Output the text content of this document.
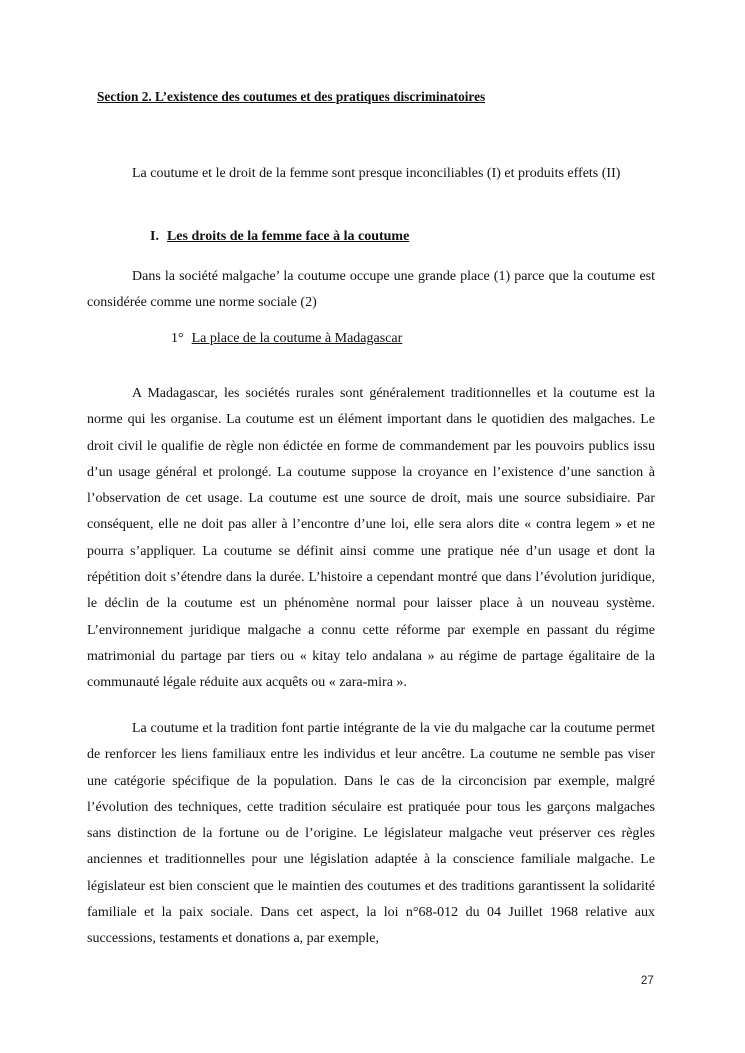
Section 2. L’existence des coutumes et des pratiques discriminatoires

La coutume et le droit de la femme sont presque inconciliables (I) et produits effets (II)

I. Les droits de la femme face à la coutume

Dans la société malgache’ la coutume occupe une grande place (1) parce que la coutume est considérée comme une norme sociale (2)

1° La place de la coutume à Madagascar

A Madagascar, les sociétés rurales sont généralement traditionnelles et la coutume est la norme qui les organise. La coutume est un élément important dans le quotidien des malgaches. Le droit civil le qualifie de règle non édictée en forme de commandement par les pouvoirs publics issu d’un usage général et prolongé. La coutume suppose la croyance en l’existence d’une sanction à l’observation de cet usage. La coutume est une source de droit, mais une source subsidiaire. Par conséquent, elle ne doit pas aller à l’encontre d’une loi, elle sera alors dite « contra legem » et ne pourra s’appliquer. La coutume se définit ainsi comme une pratique née d’un usage et dont la répétition doit s’étendre dans la durée. L’histoire a cependant montré que dans l’évolution juridique, le déclin de la coutume est un phénomène normal pour laisser place à un nouveau système. L’environnement juridique malgache a connu cette réforme par exemple en passant du régime matrimonial du partage par tiers ou « kitay telo andalana » au régime de partage égalitaire de la communauté légale réduite aux acquêts ou « zara-mira ».

La coutume et la tradition font partie intégrante de la vie du malgache car la coutume permet de renforcer les liens familiaux entre les individus et leur ancêtre. La coutume ne semble pas viser une catégorie spécifique de la population. Dans le cas de la circoncision par exemple, malgré l’évolution des techniques, cette tradition séculaire est pratiquée pour tous les garçons malgaches sans distinction de la fortune ou de l’origine. Le législateur malgache veut préserver ces règles anciennes et traditionnelles pour une législation adaptée à la conscience familiale malgache. Le législateur est bien conscient que le maintien des coutumes et des traditions garantissent la solidarité familiale et la paix sociale. Dans cet aspect, la loi n°68-012 du 04 Juillet 1968 relative aux successions, testaments et donations a, par exemple,

27
